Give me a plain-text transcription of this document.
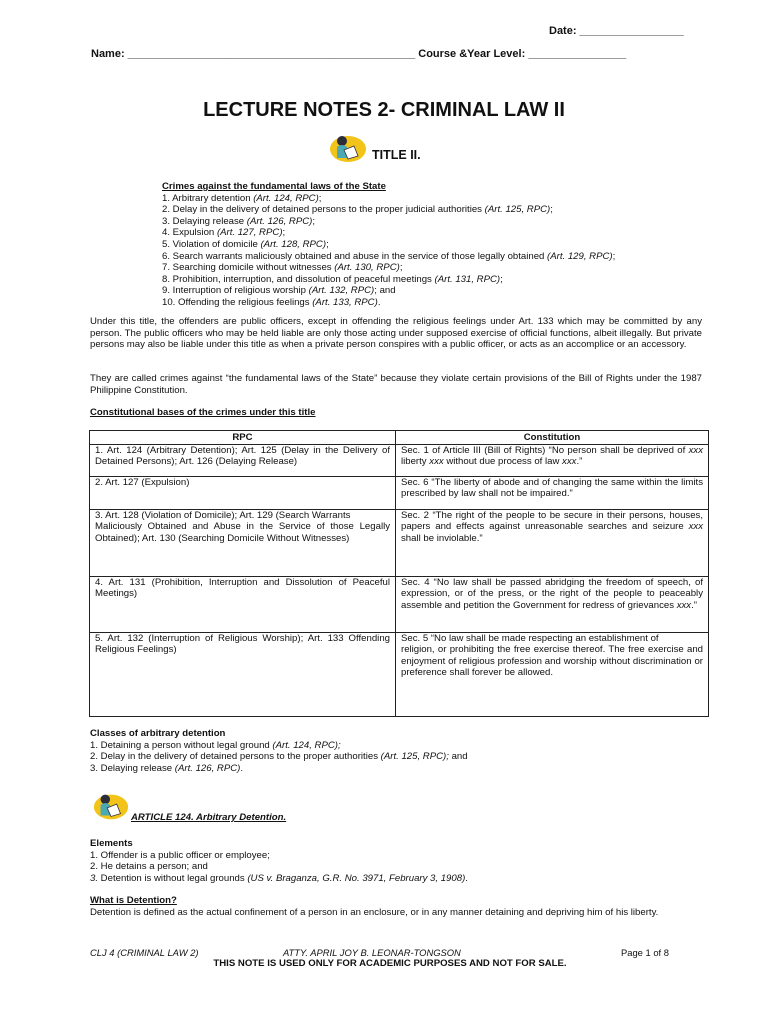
Date: _________________
Name: _______________________________________________ Course &Year Level: ________________
LECTURE NOTES 2- CRIMINAL LAW II
TITLE II.
Crimes against the fundamental laws of the State
1. Arbitrary detention (Art. 124, RPC);
2. Delay in the delivery of detained persons to the proper judicial authorities (Art. 125, RPC);
3. Delaying release (Art. 126, RPC);
4. Expulsion (Art. 127, RPC);
5. Violation of domicile (Art. 128, RPC);
6. Search warrants maliciously obtained and abuse in the service of those legally obtained (Art. 129, RPC);
7. Searching domicile without witnesses (Art. 130, RPC);
8. Prohibition, interruption, and dissolution of peaceful meetings (Art. 131, RPC);
9. Interruption of religious worship (Art. 132, RPC); and
10. Offending the religious feelings (Art. 133, RPC).
Under this title, the offenders are public officers, except in offending the religious feelings under Art. 133 which may be committed by any person. The public officers who may be held liable are only those acting under supposed exercise of official functions, albeit illegally. But private persons may also be liable under this title as when a private person conspires with a public officer, or acts as an accomplice or an accessory.
They are called crimes against “the fundamental laws of the State” because they violate certain provisions of the Bill of Rights under the 1987 Philippine Constitution.
Constitutional bases of the crimes under this title
RPC	Constitution
1. Art. 124 (Arbitrary Detention); Art. 125 (Delay in the Delivery of Detained Persons); Art. 126 (Delaying Release)	Sec. 1 of Article III (Bill of Rights) “No person shall be deprived of xxx liberty xxx without due process of law xxx.”
2. Art. 127 (Expulsion)	Sec. 6 “The liberty of abode and of changing the same within the limits prescribed by law shall not be impaired.”
3. Art. 128 (Violation of Domicile); Art. 129 (Search Warrants
Maliciously Obtained and Abuse in the Service of those Legally Obtained); Art. 130 (Searching Domicile Without Witnesses)	Sec. 2 “The right of the people to be secure in their persons, houses, papers and effects against unreasonable searches and seizure xxx shall be inviolable.”
4. Art. 131 (Prohibition, Interruption and Dissolution of Peaceful Meetings)	Sec. 4 “No law shall be passed abridging the freedom of speech, of expression, or of the press, or the right of the people to peaceably assemble and petition the Government for redress of grievances xxx.”
5. Art. 132 (Interruption of Religious Worship); Art. 133 Offending Religious Feelings)	Sec. 5 “No law shall be made respecting an establishment of
religion, or prohibiting the free exercise thereof. The free exercise and enjoyment of religious profession and worship without discrimination or preference shall forever be allowed.
Classes of arbitrary detention
1. Detaining a person without legal ground (Art. 124, RPC);
2. Delay in the delivery of detained persons to the proper authorities (Art. 125, RPC); and
3. Delaying release (Art. 126, RPC).
ARTICLE 124. Arbitrary Detention.
Elements
1. Offender is a public officer or employee;
2. He detains a person; and
3. Detention is without legal grounds (US v. Braganza, G.R. No. 3971, February 3, 1908).
What is Detention?
Detention is defined as the actual confinement of a person in an enclosure, or in any manner detaining and depriving him of his liberty.
CLJ 4 (CRIMINAL LAW 2)	ATTY. APRIL JOY B. LEONAR-TONGSON	Page 1 of 8
THIS NOTE IS USED ONLY FOR ACADEMIC PURPOSES AND NOT FOR SALE.
